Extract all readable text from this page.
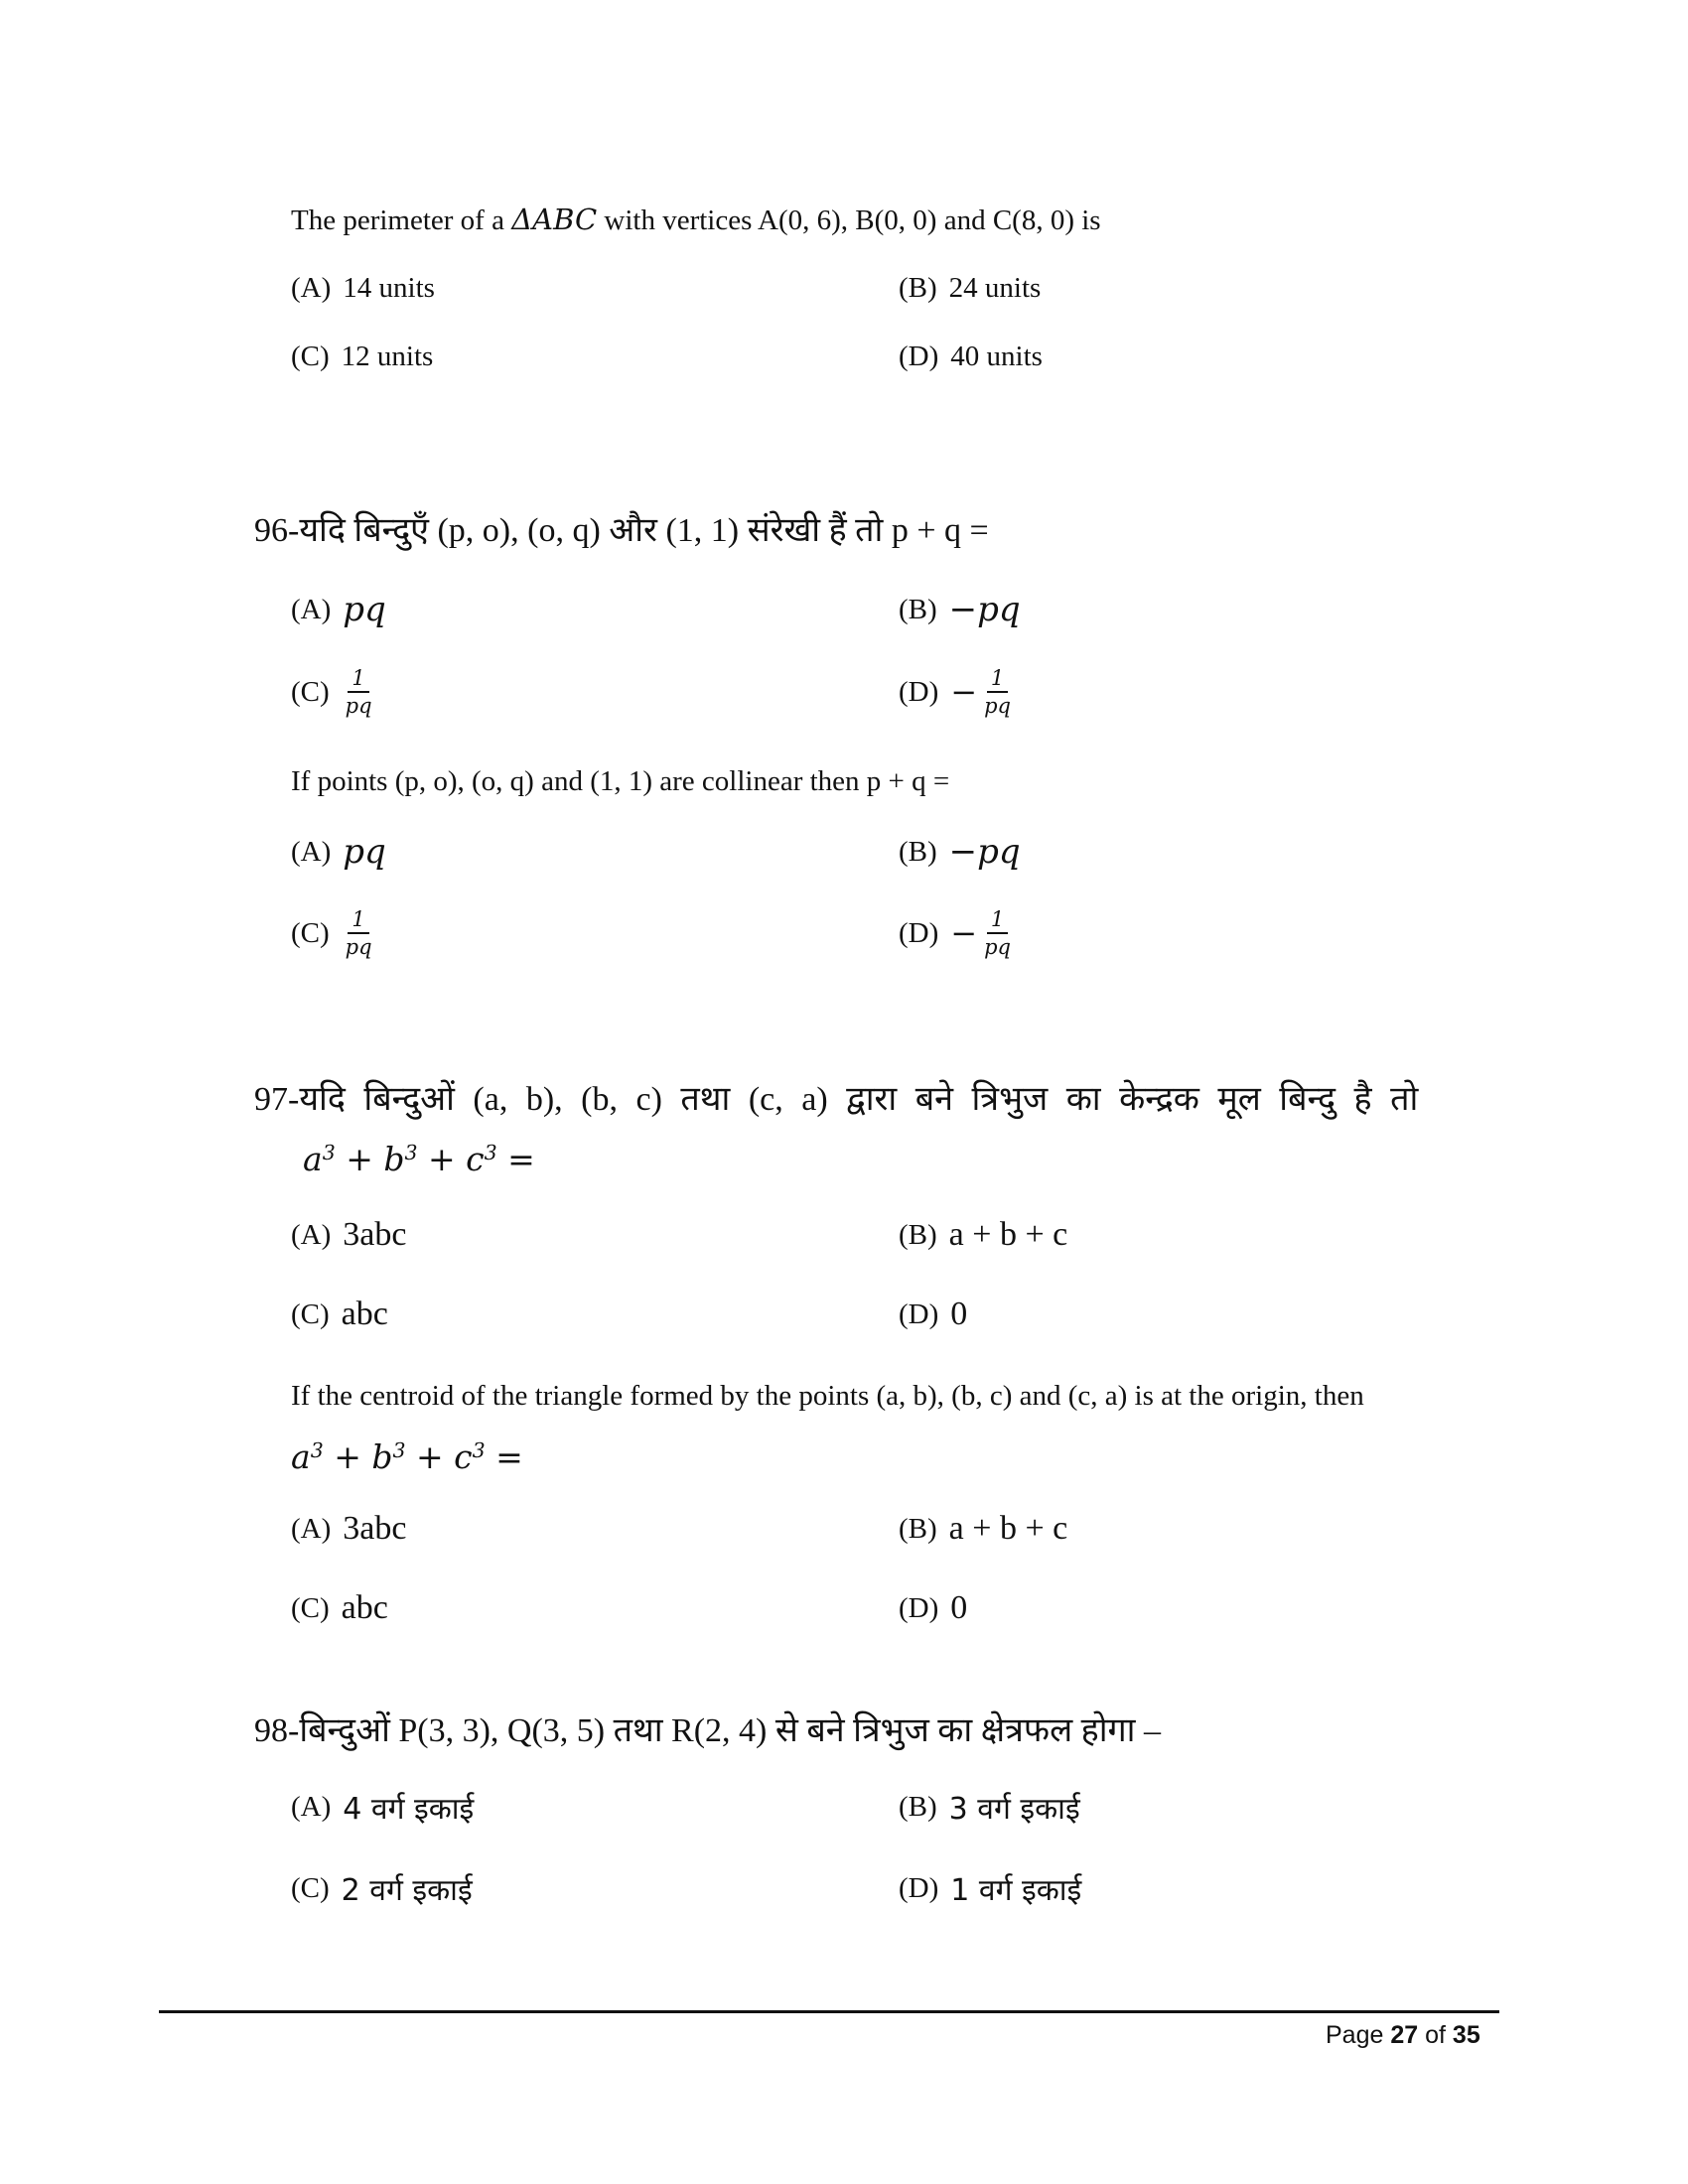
The perimeter of a ΔABC with vertices A(0, 6), B(0, 0) and C(8, 0) is
(A) 14 units	(B) 24 units
(C) 12 units	(D) 40 units
96-यदि बिन्दुएँ (p, o), (o, q) और (1, 1) संरेखी हैं तो p + q =
(A) pq	(B) −pq
$(C) \frac{1}{pq}$	$(D) - \frac{1}{pq}$
If points (p, o), (o, q) and (1, 1) are collinear then p + q =
(A) pq	(B) −pq
$(C) \frac{1}{pq}$	$(D) - \frac{1}{pq}$
97-यदि बिन्दुओं (a, b), (b, c) तथा (c, a) द्वारा बने त्रिभुज का केन्द्रक मूल बिन्दु है तो
$a^3 + b^3 + c^3$ =
(A) 3abc	(B) a + b + c
(C) abc	(D) 0
If the centroid of the triangle formed by the points (a, b), (b, c) and (c, a) is at the origin, then
$a^3 + b^3 + c^3$ =
(A) 3abc	(B) a + b + c
(C) abc	(D) 0
98-बिन्दुओं P(3, 3), Q(3, 5) तथा R(2, 4) से बने त्रिभुज का क्षेत्रफल होगा –
(A) 4 वर्ग इकाई	(B) 3 वर्ग इकाई
(C) 2 वर्ग इकाई	(D) 1 वर्ग इकाई
Page 27 of 35
